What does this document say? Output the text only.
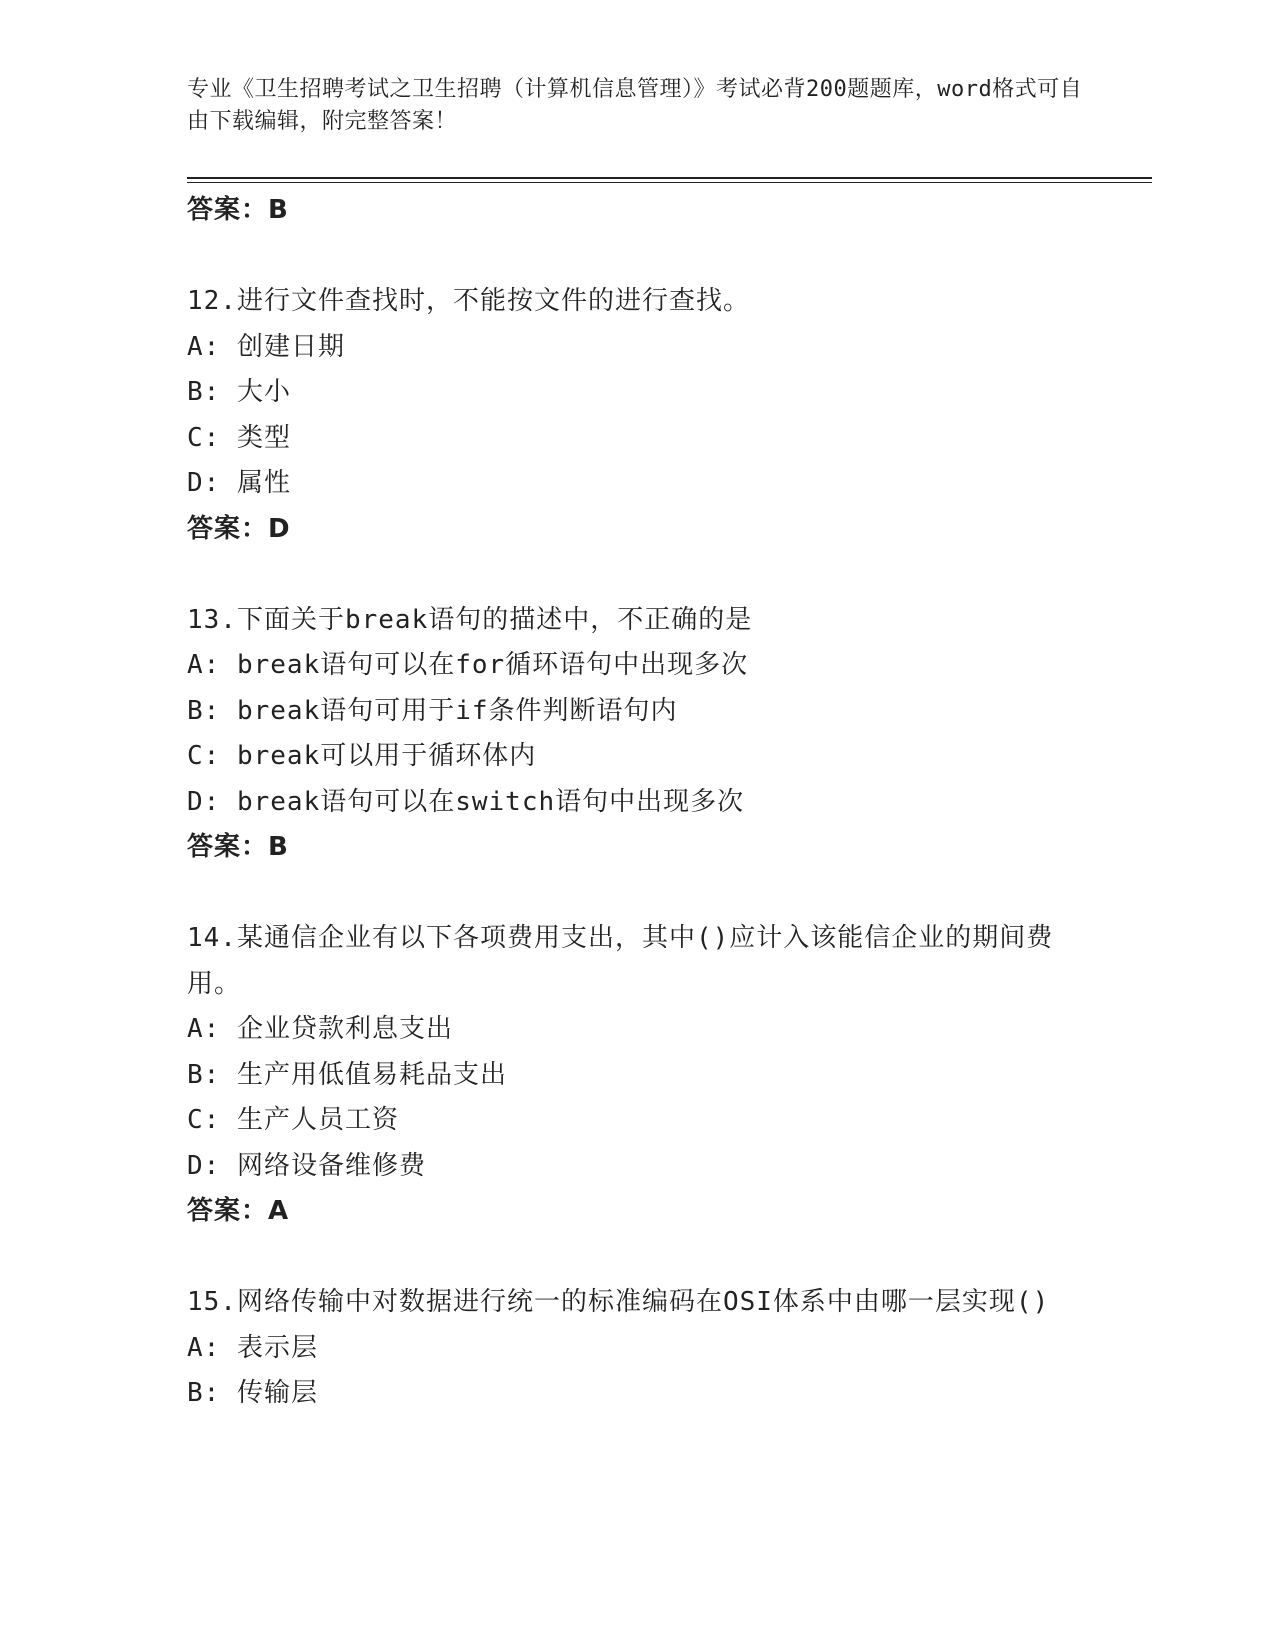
专业《卫生招聘考试之卫生招聘（计算机信息管理）》考试必背200题题库，word格式可自由下载编辑，附完整答案！

答案：B

12.进行文件查找时，不能按文件的进行查找。

A: 创建日期

B: 大小

C: 类型

D: 属性

答案：D

13.下面关于break语句的描述中，不正确的是

A: break语句可以在for循环语句中出现多次

B: break语句可用于if条件判断语句内

C: break可以用于循环体内

D: break语句可以在switch语句中出现多次

答案：B

14.某通信企业有以下各项费用支出，其中()应计入该能信企业的期间费用。

A: 企业贷款利息支出

B: 生产用低值易耗品支出

C: 生产人员工资

D: 网络设备维修费

答案：A

15.网络传输中对数据进行统一的标准编码在OSI体系中由哪一层实现()

A: 表示层

B: 传输层
